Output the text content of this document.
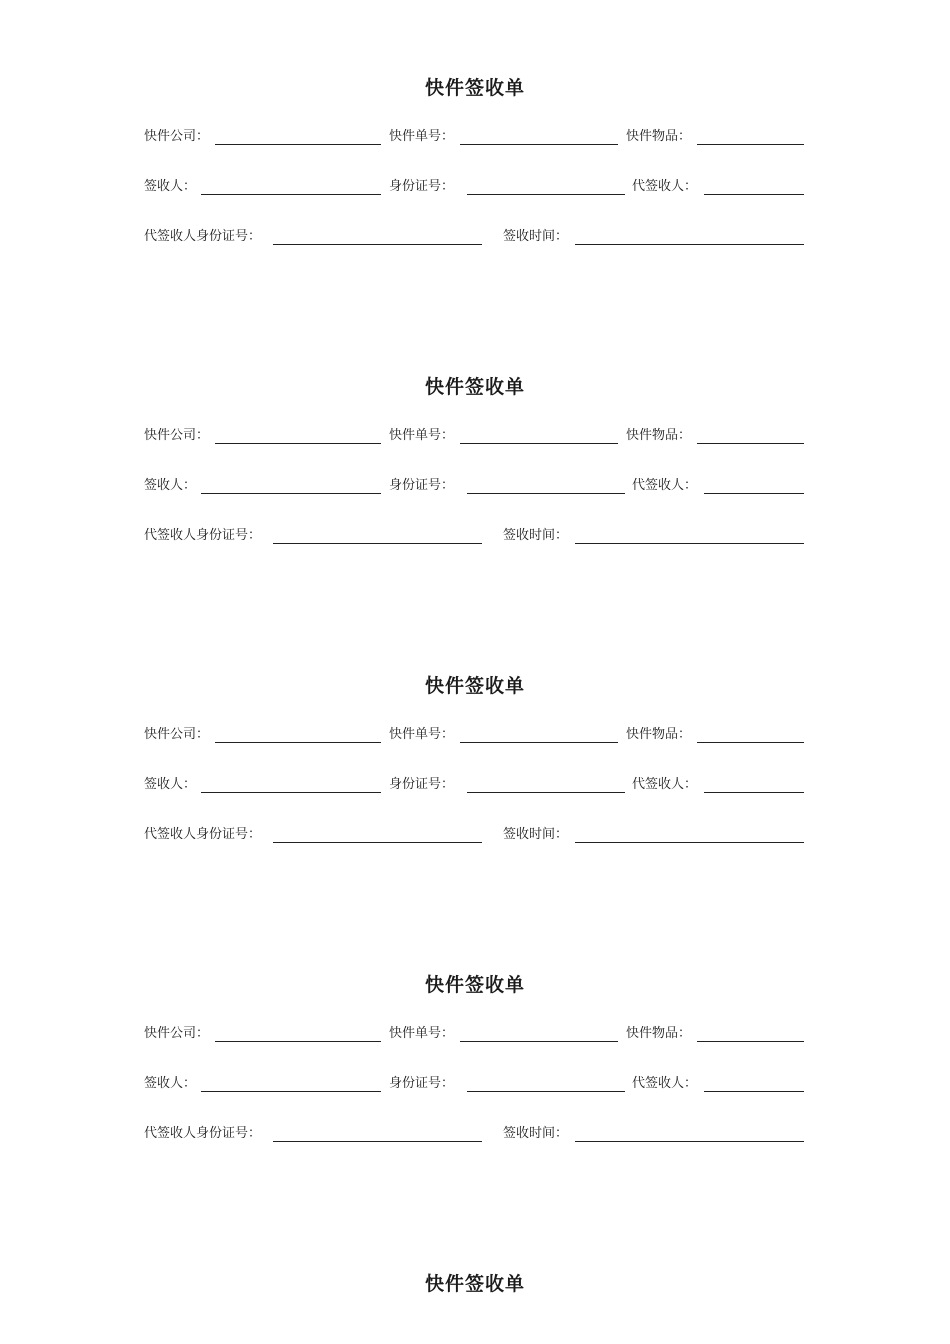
快件签收单
快件公司：	快件单号：	快件物品：
签收人：	身份证号：	代签收人：
代签收人身份证号：	签收时间：
快件签收单
快件公司：	快件单号：	快件物品：
签收人：	身份证号：	代签收人：
代签收人身份证号：	签收时间：
快件签收单
快件公司：	快件单号：	快件物品：
签收人：	身份证号：	代签收人：
代签收人身份证号：	签收时间：
快件签收单
快件公司：	快件单号：	快件物品：
签收人：	身份证号：	代签收人：
代签收人身份证号：	签收时间：
快件签收单
